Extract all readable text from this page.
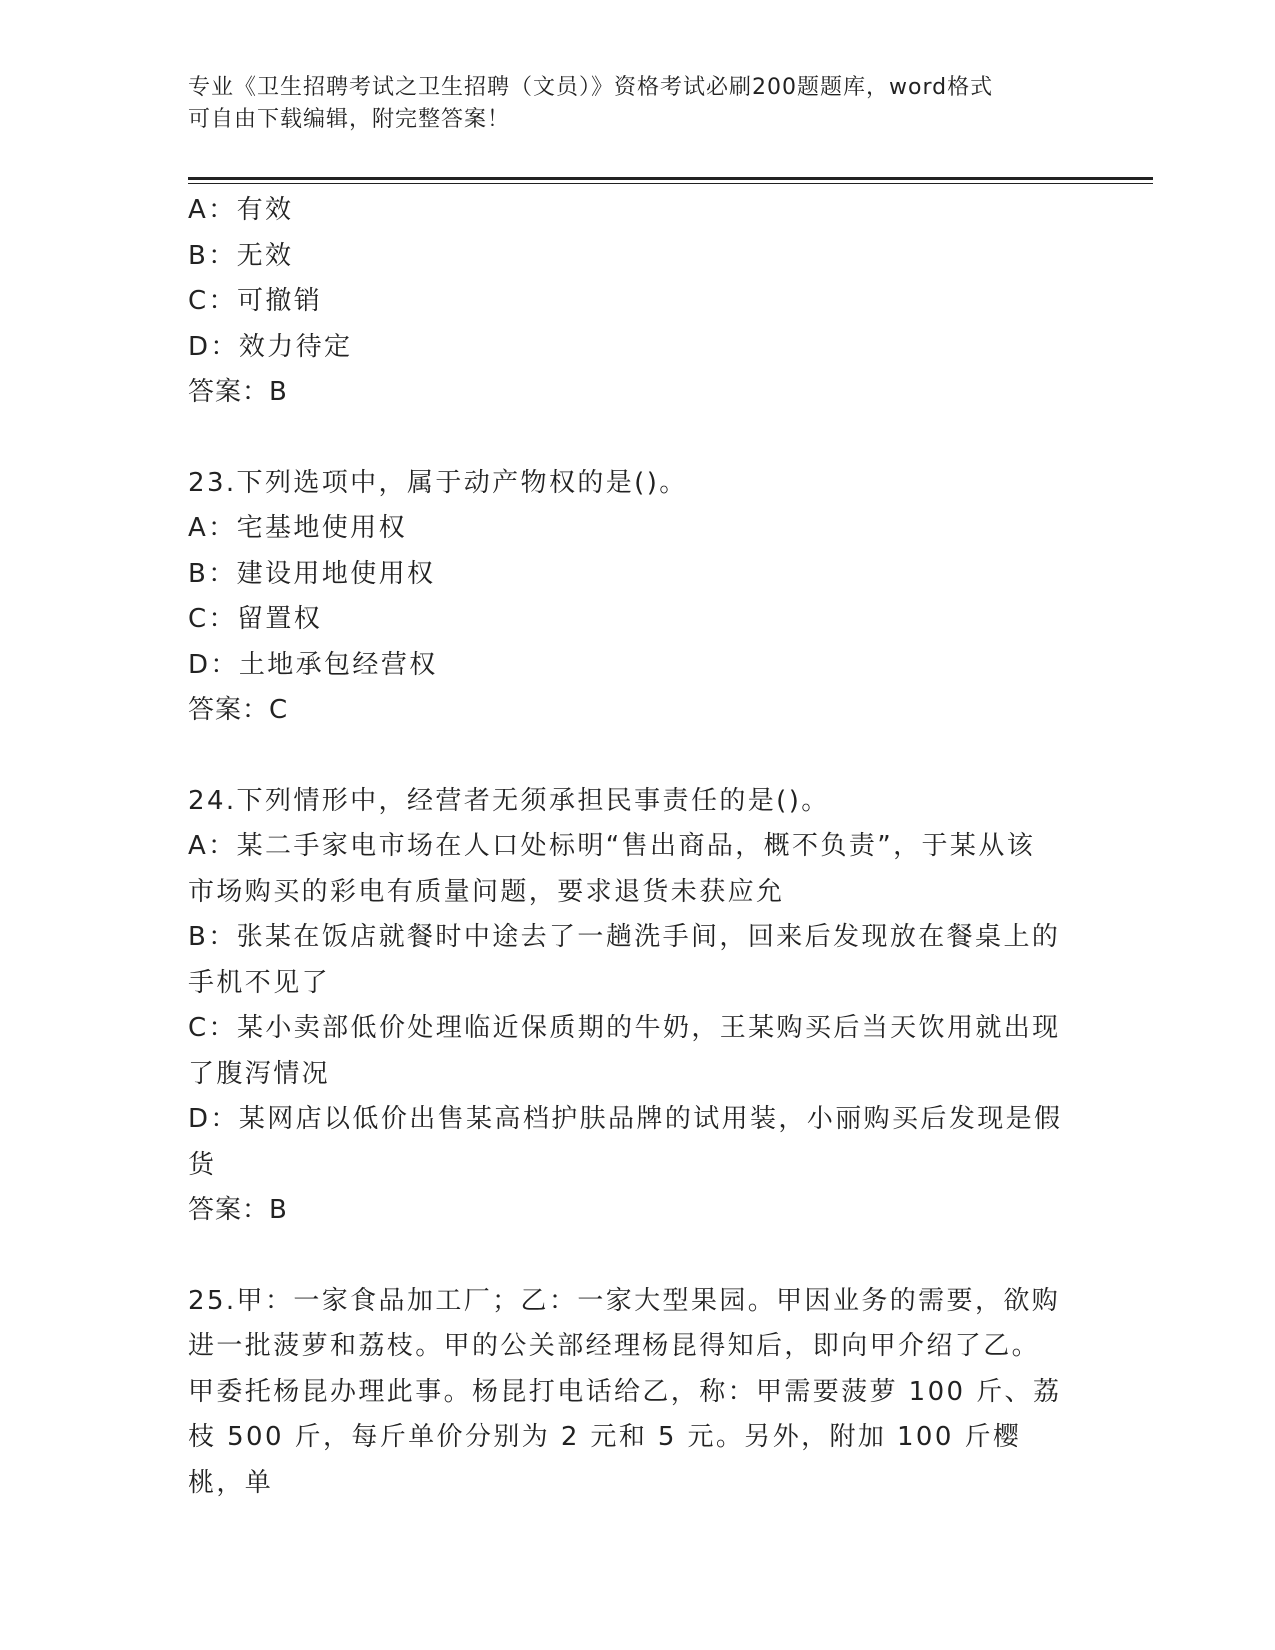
专业《卫生招聘考试之卫生招聘（文员）》资格考试必刷200题题库，word格式
可自由下载编辑，附完整答案！

A：有效

B：无效

C：可撤销

D：效力待定

答案：B

23.下列选项中，属于动产物权的是()。

A：宅基地使用权

B：建设用地使用权

C：留置权

D：土地承包经营权

答案：C

24.下列情形中，经营者无须承担民事责任的是()。

A：某二手家电市场在人口处标明“售出商品，概不负责”，于某从该

市场购买的彩电有质量问题，要求退货未获应允

B：张某在饭店就餐时中途去了一趟洗手间，回来后发现放在餐桌上的

手机不见了

C：某小卖部低价处理临近保质期的牛奶，王某购买后当天饮用就出现

了腹泻情况

D：某网店以低价出售某高档护肤品牌的试用装，小丽购买后发现是假

货

答案：B

25.甲：一家食品加工厂；乙：一家大型果园。甲因业务的需要，欲购

进一批菠萝和荔枝。甲的公关部经理杨昆得知后，即向甲介绍了乙。

甲委托杨昆办理此事。杨昆打电话给乙，称：甲需要菠萝 100 斤、荔

枝 500 斤，每斤单价分别为 2 元和 5 元。另外，附加 100 斤樱桃，单
